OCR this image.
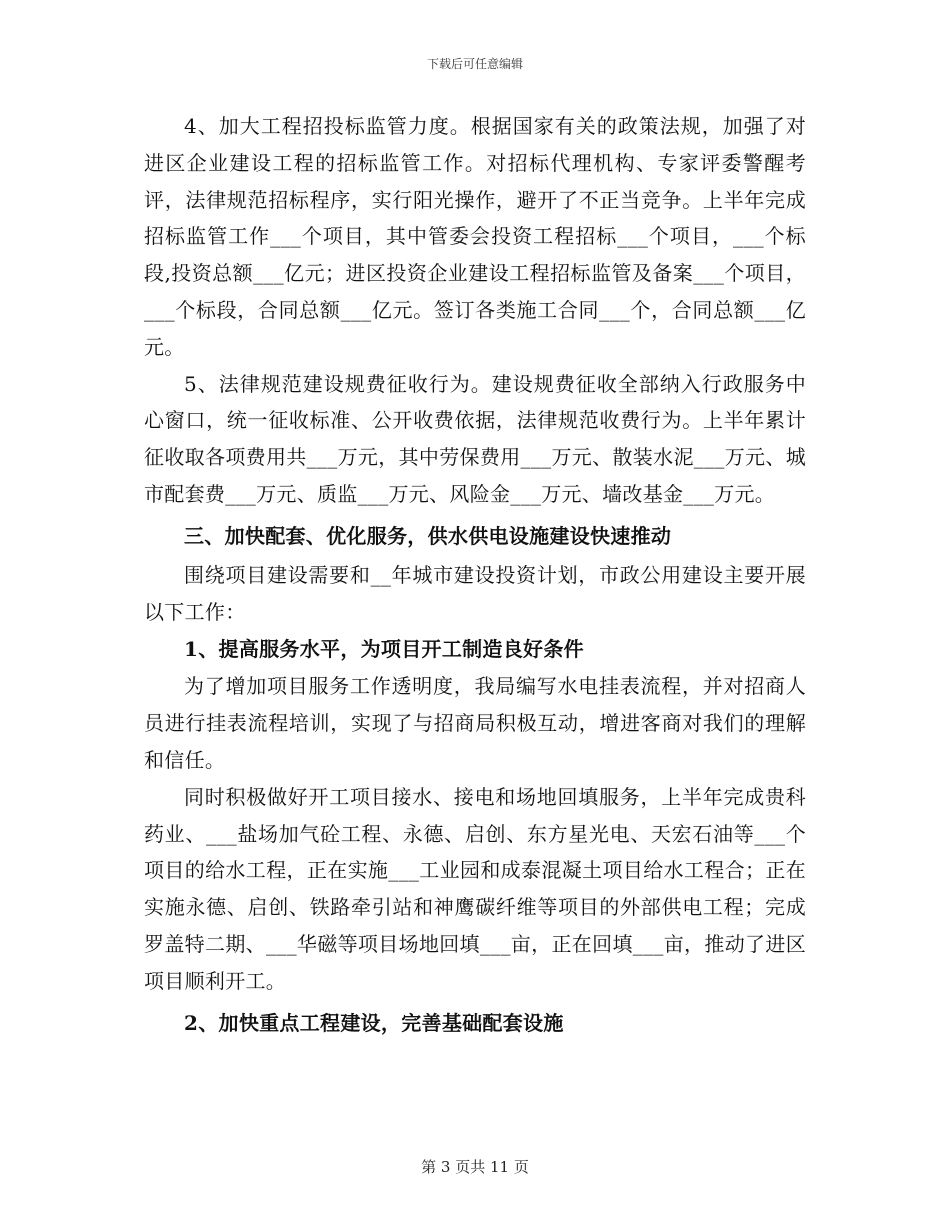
下载后可任意编辑

4、加大工程招投标监管力度。根据国家有关的政策法规，加强了对进区企业建设工程的招标监管工作。对招标代理机构、专家评委警醒考评，法律规范招标程序，实行阳光操作，避开了不正当竞争。上半年完成招标监管工作___个项目，其中管委会投资工程招标___个项目，___个标段,投资总额___亿元；进区投资企业建设工程招标监管及备案___个项目，___个标段，合同总额___亿元。签订各类施工合同___个，合同总额___亿元。

5、法律规范建设规费征收行为。建设规费征收全部纳入行政服务中心窗口，统一征收标准、公开收费依据，法律规范收费行为。上半年累计征收取各项费用共___万元，其中劳保费用___万元、散装水泥___万元、城市配套费___万元、质监___万元、风险金___万元、墙改基金___万元。

三、加快配套、优化服务，供水供电设施建设快速推动

围绕项目建设需要和__年城市建设投资计划，市政公用建设主要开展以下工作：

1、提高服务水平，为项目开工制造良好条件

为了增加项目服务工作透明度，我局编写水电挂表流程，并对招商人员进行挂表流程培训，实现了与招商局积极互动，增进客商对我们的理解和信任。

同时积极做好开工项目接水、接电和场地回填服务，上半年完成贵科药业、___盐场加气砼工程、永德、启创、东方星光电、天宏石油等___个项目的给水工程，正在实施___工业园和成泰混凝土项目给水工程合；正在实施永德、启创、铁路牵引站和神鹰碳纤维等项目的外部供电工程；完成罗盖特二期、___华磁等项目场地回填___亩，正在回填___亩，推动了进区项目顺利开工。

2、加快重点工程建设，完善基础配套设施

第 3 页共 11 页
